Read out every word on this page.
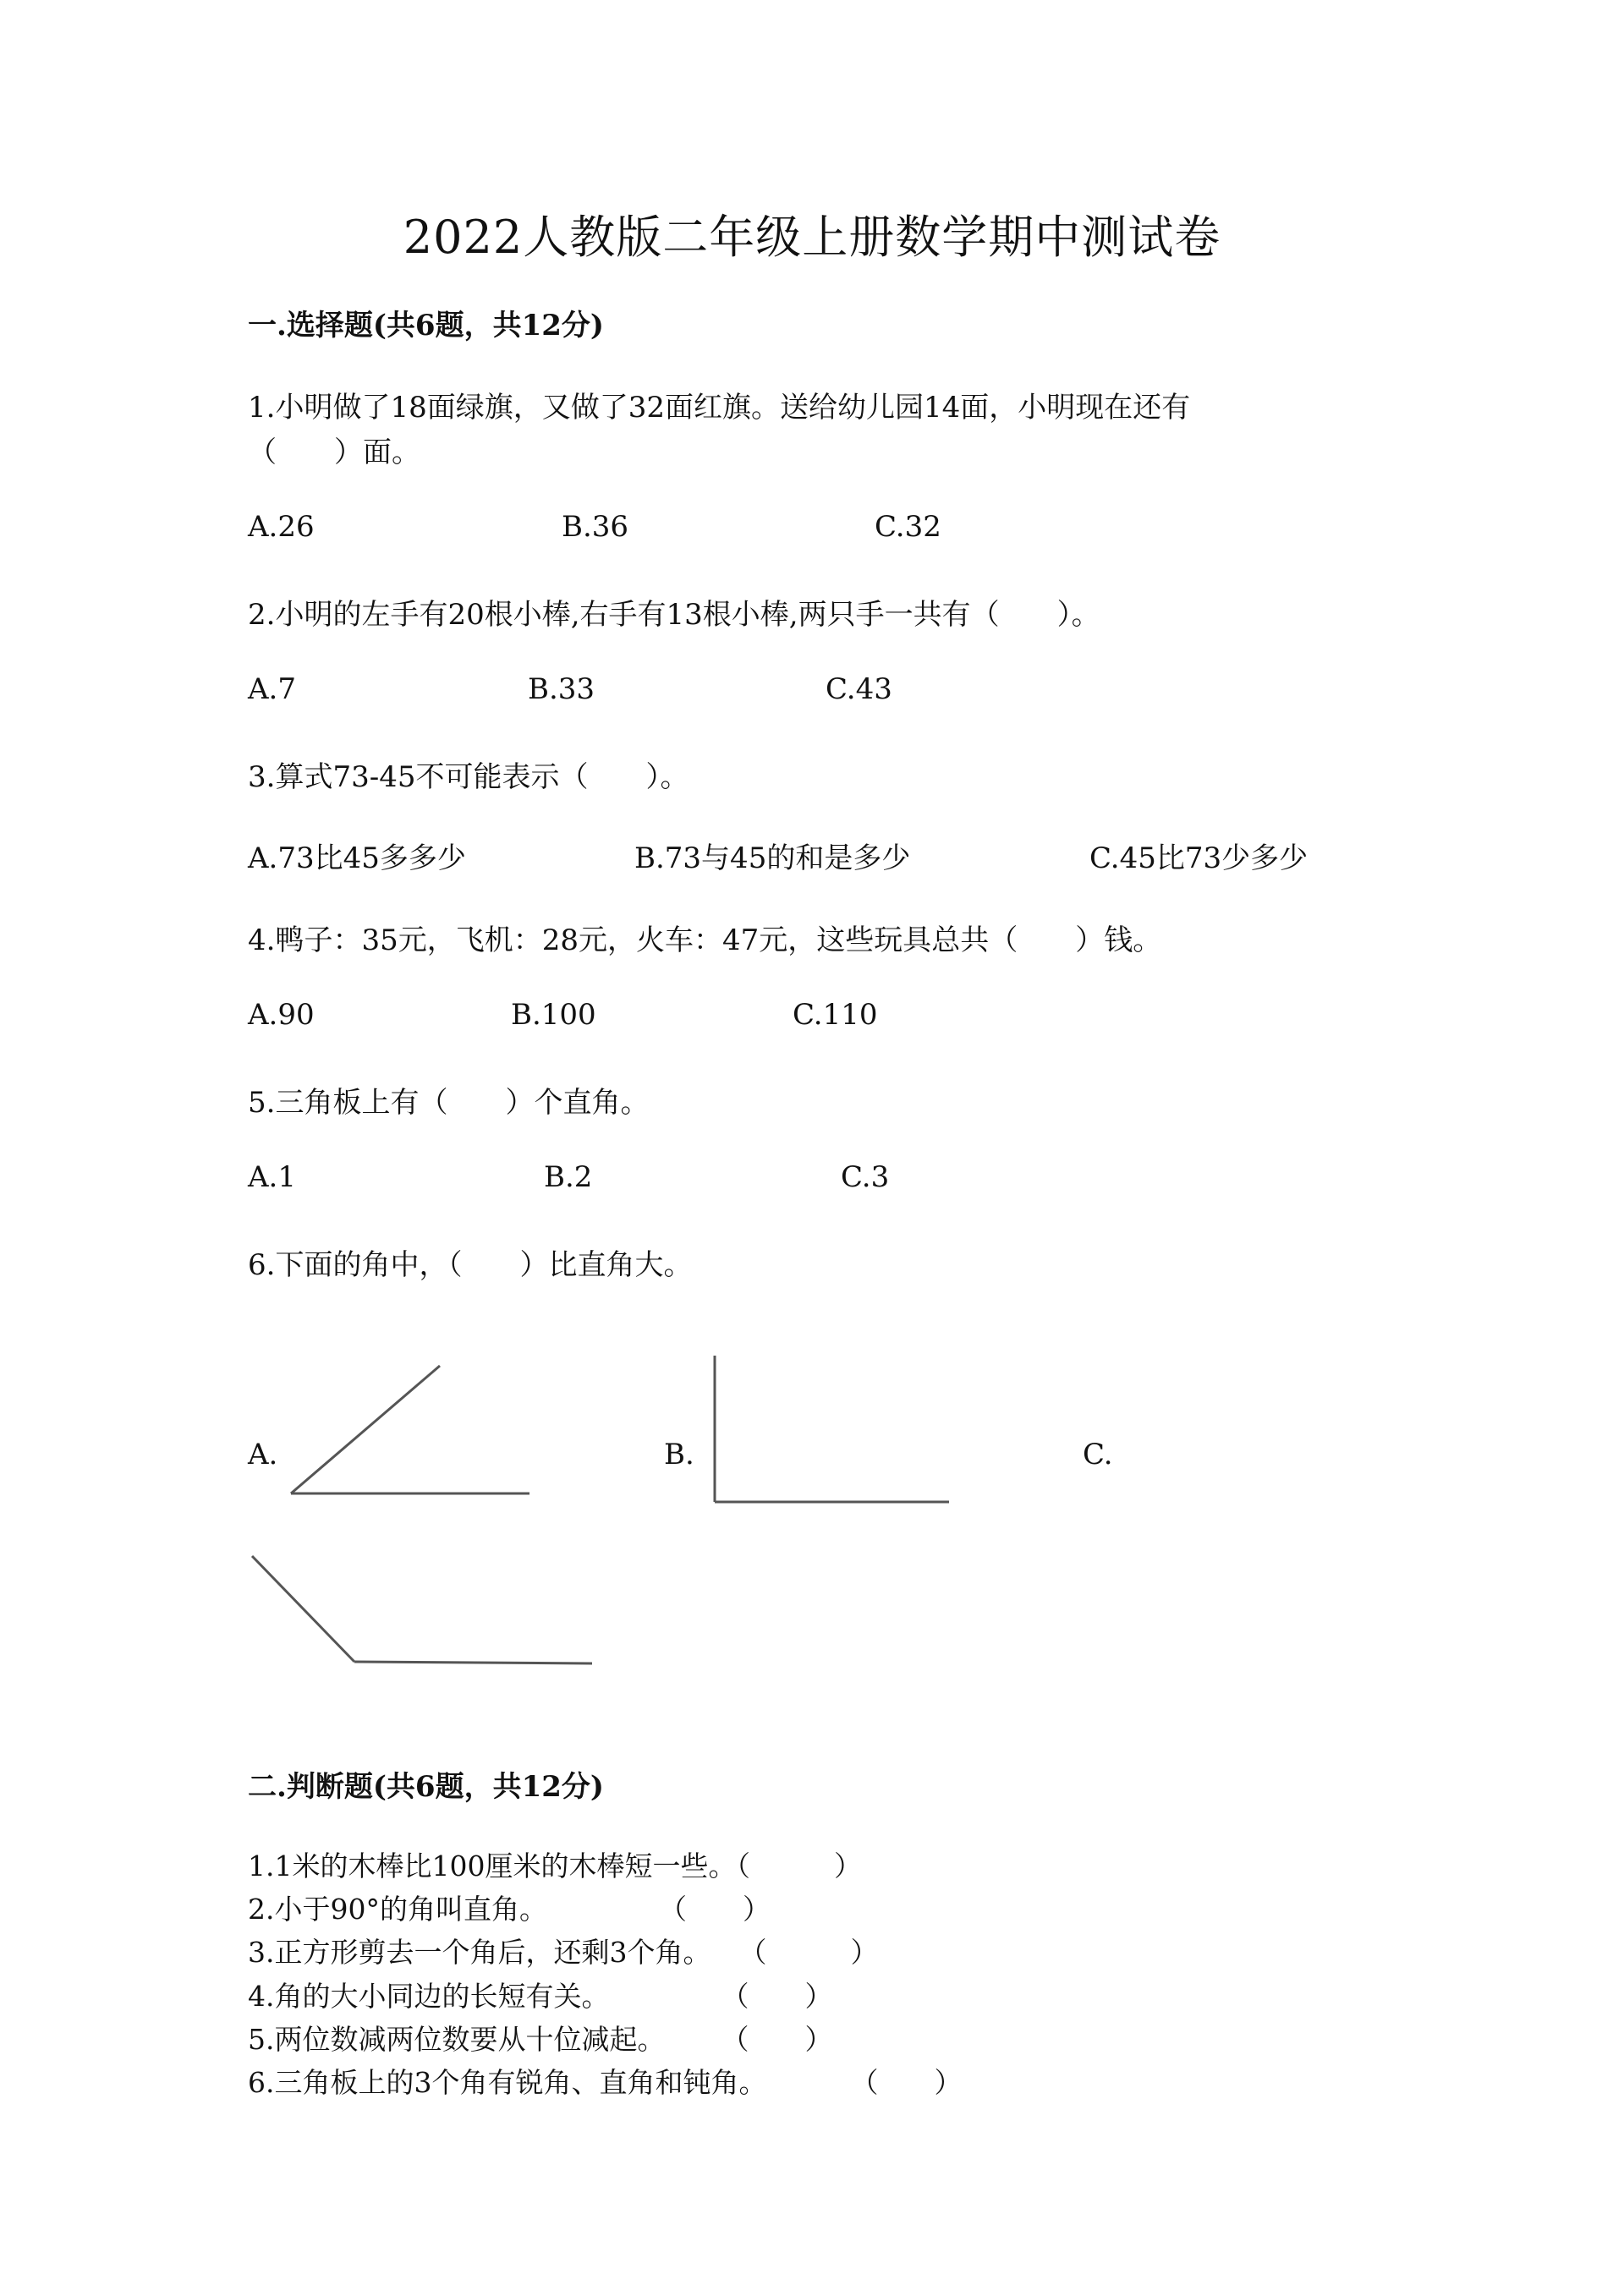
2022人教版二年级上册数学期中测试卷
一.选择题(共6题，共12分)
1.小明做了18面绿旗，又做了32面红旗。送给幼儿园14面，小明现在还有
（　　）面。
A.26	B.36	C.32
2.小明的左手有20根小棒,右手有13根小棒,两只手一共有（　　）。
A.7	B.33	C.43
3.算式73-45不可能表示（　　）。
A.73比45多多少	B.73与45的和是多少	C.45比73少多少
4.鸭子：35元，飞机：28元，火车：47元，这些玩具总共（　　）钱。
A.90	B.100	C.110
5.三角板上有（　　）个直角。
A.1	B.2	C.3
6.下面的角中，（　　）比直角大。
A.	B.	C.
二.判断题(共6题，共12分)
1.1米的木棒比100厘米的木棒短一些。（　　　）
2.小于90°的角叫直角。　　　　　（　　）
3.正方形剪去一个角后，还剩3个角。　　（　　　）
4.角的大小同边的长短有关。　　　　　（　　）
5.两位数减两位数要从十位减起。　　　（　　）
6.三角板上的3个角有锐角、直角和钝角。　　　　（　　）
